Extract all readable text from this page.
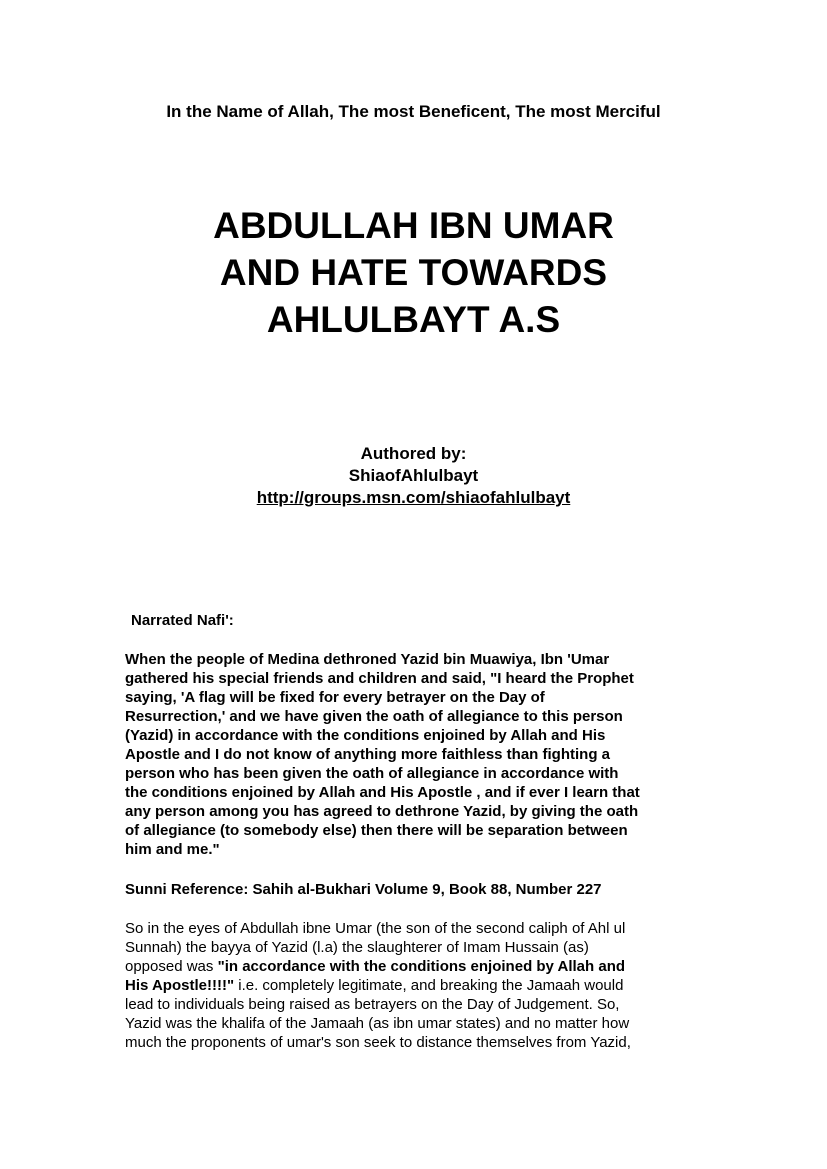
In the Name of Allah, The most Beneficent, The most Merciful
ABDULLAH IBN UMAR
AND HATE TOWARDS
AHLULBAYT A.S
Authored by:
ShiaofAhlulbayt
http://groups.msn.com/shiaofahlulbayt
Narrated Nafi':
When the people of Medina dethroned Yazid bin Muawiya, Ibn 'Umar
gathered his special friends and children and said, "I heard the Prophet
saying, 'A flag will be fixed for every betrayer on the Day of
Resurrection,' and we have given the oath of allegiance to this person
(Yazid) in accordance with the conditions enjoined by Allah and His
Apostle and I do not know of anything more faithless than fighting a
person who has been given the oath of allegiance in accordance with
the conditions enjoined by Allah and His Apostle , and if ever I learn that
any person among you has agreed to dethrone Yazid, by giving the oath
of allegiance (to somebody else) then there will be separation between
him and me."
Sunni Reference: Sahih al-Bukhari Volume 9, Book 88, Number 227
So in the eyes of Abdullah ibne Umar (the son of the second caliph of Ahl ul
Sunnah) the bayya of Yazid (l.a) the slaughterer of Imam Hussain (as)
opposed was "in accordance with the conditions enjoined by Allah and
His Apostle!!!!" i.e. completely legitimate, and breaking the Jamaah would
lead to individuals being raised as betrayers on the Day of Judgement. So,
Yazid was the khalifa of the Jamaah (as ibn umar states) and no matter how
much the proponents of umar's son seek to distance themselves from Yazid,
